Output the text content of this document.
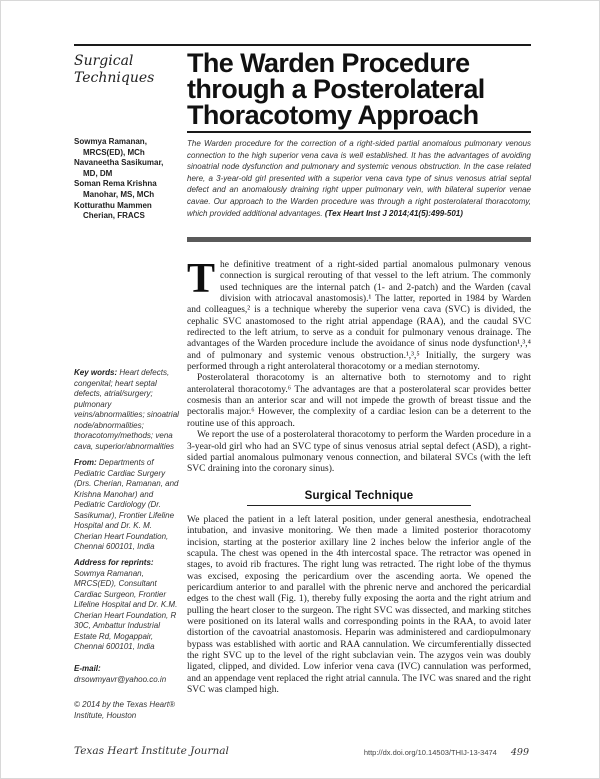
Surgical
Techniques
Sowmya Ramanan, MRCS(ED), MCh
Navaneetha Sasikumar, MD, DM
Soman Rema Krishna Manohar, MS, MCh
Kotturathu Mammen Cherian, FRACS
Key words: Heart defects, congenital; heart septal defects, atrial/surgery; pulmonary veins/abnormalities; sinoatrial node/abnormalities; thoracotomy/methods; vena cava, superior/abnormalities
From: Departments of Pediatric Cardiac Surgery (Drs. Cherian, Ramanan, and Krishna Manohar) and Pediatric Cardiology (Dr. Sasikumar), Frontier Lifeline Hospital and Dr. K. M. Cherian Heart Foundation, Chennai 600101, India
Address for reprints:
Sowmya Ramanan, MRCS(ED), Consultant Cardiac Surgeon, Frontier Lifeline Hospital and Dr. K.M. Cherian Heart Foundation, R 30C, Ambattur Industrial Estate Rd, Mogappair, Chennai 600101, India
E-mail:
drsowmyavr@yahoo.co.in
© 2014 by the Texas Heart® Institute, Houston
The Warden Procedure
through a Posterolateral
Thoracotomy Approach
The Warden procedure for the correction of a right-sided partial anomalous pulmonary venous connection to the high superior vena cava is well established. It has the advantages of avoiding sinoatrial node dysfunction and pulmonary and systemic venous obstruction. In the case related here, a 3-year-old girl presented with a superior vena cava type of sinus venosus atrial septal defect and an anomalously draining right upper pulmonary vein, with bilateral superior venae cavae. Our approach to the Warden procedure was through a right posterolateral thoracotomy, which provided additional advantages. (Tex Heart Inst J 2014;41(5):499-501)

T he definitive treatment of a right-sided partial anomalous pulmonary venous connection is surgical rerouting of that vessel to the left atrium. The commonly used techniques are the internal patch (1- and 2-patch) and the Warden (caval division with atriocaval anastomosis).¹ The latter, reported in 1984 by Warden and colleagues,² is a technique whereby the superior vena cava (SVC) is divided, the cephalic SVC anastomosed to the right atrial appendage (RAA), and the caudal SVC redirected to the left atrium, to serve as a conduit for pulmonary venous drainage. The advantages of the Warden procedure include the avoidance of sinus node dysfunction¹,³,⁴ and of pulmonary and systemic venous obstruction.¹,³,⁵ Initially, the surgery was performed through a right anterolateral thoracotomy or a median sternotomy.

Posterolateral thoracotomy is an alternative both to sternotomy and to right anterolateral thoracotomy.⁶ The advantages are that a posterolateral scar provides better cosmesis than an anterior scar and will not impede the growth of breast tissue and the pectoralis major.⁶ However, the complexity of a cardiac lesion can be a deterrent to the routine use of this approach.

We report the use of a posterolateral thoracotomy to perform the Warden procedure in a 3-year-old girl who had an SVC type of sinus venosus atrial septal defect (ASD), a right-sided partial anomalous pulmonary venous connection, and bilateral SVCs (with the left SVC draining into the coronary sinus).

Surgical Technique

We placed the patient in a left lateral position, under general anesthesia, endotracheal intubation, and invasive monitoring. We then made a limited posterior thoracotomy incision, starting at the posterior axillary line 2 inches below the inferior angle of the scapula. The chest was opened in the 4th intercostal space. The retractor was opened in stages, to avoid rib fractures. The right lung was retracted. The right lobe of the thymus was excised, exposing the pericardium over the ascending aorta. We opened the pericardium anterior to and parallel with the phrenic nerve and anchored the pericardial edges to the chest wall (Fig. 1), thereby fully exposing the aorta and the right atrium and pulling the heart closer to the surgeon. The right SVC was dissected, and marking stitches were positioned on its lateral walls and corresponding points in the RAA, to avoid later distortion of the cavoatrial anastomosis. Heparin was administered and cardiopulmonary bypass was established with aortic and RAA cannulation. We circumferentially dissected the right SVC up to the level of the right subclavian vein. The azygos vein was doubly ligated, clipped, and divided. Low inferior vena cava (IVC) cannulation was performed, and an appendage vent replaced the right atrial cannula. The IVC was snared and the right SVC was clamped high.

Texas Heart Institute Journal	http://dx.doi.org/10.14503/THIJ-13-3474 499
